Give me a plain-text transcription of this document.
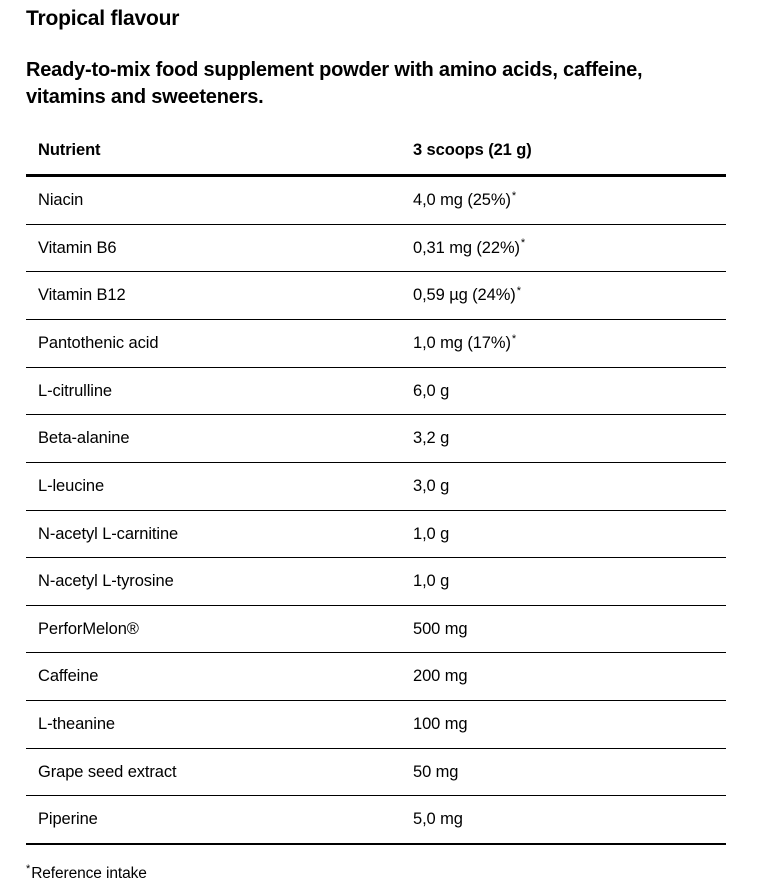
Tropical flavour
Ready-to-mix food supplement powder with amino acids, caffeine, vitamins and sweeteners.
Nutrient	3 scoops (21 g)
Niacin	4,0 mg (25%)*
Vitamin B6	0,31 mg (22%)*
Vitamin B12	0,59 µg (24%)*
Pantothenic acid	1,0 mg (17%)*
L-citrulline	6,0 g
Beta-alanine	3,2 g
L-leucine	3,0 g
N-acetyl L-carnitine	1,0 g
N-acetyl L-tyrosine	1,0 g
PerforMelon®	500 mg
Caffeine	200 mg
L-theanine	100 mg
Grape seed extract	50 mg
Piperine	5,0 mg
*Reference intake
